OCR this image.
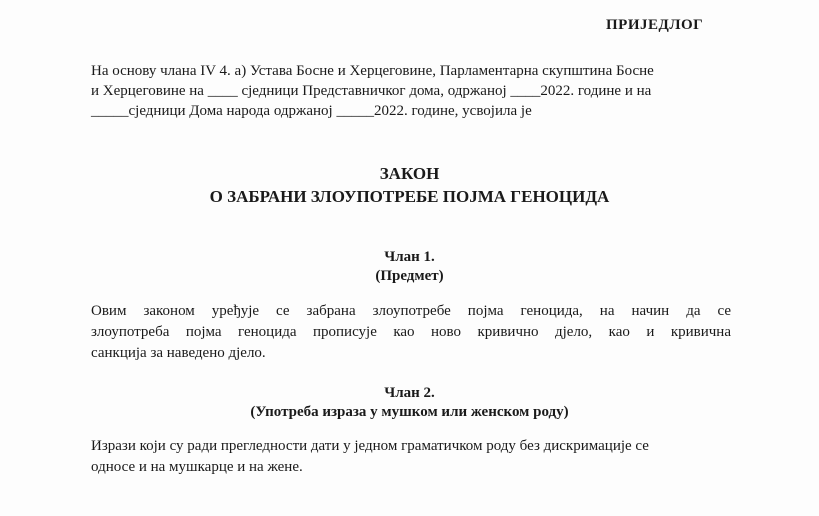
ПРИЈЕДЛОГ
На основу члана IV 4. а) Устава Босне и Херцеговине, Парламентарна скупштина Босне
и Херцеговине на ____ сједници Представничког дома, одржаној ____2022. године и на
_____сједници Дома народа одржаној _____2022. године, усвојила је
ЗАКОН
О ЗАБРАНИ ЗЛОУПОТРЕБЕ ПОЈМА ГЕНОЦИДА
Члан 1.
(Предмет)
Овим законом уређује се забрана злоупотребе појма геноцида, на начин да се
злоупотреба појма геноцида прописује као ново кривично дјело, као и кривична
санкција за наведено дјело.
Члан 2.
(Употреба израза у мушком или женском роду)
Изрази који су ради прегледности дати у једном граматичком роду без дискримације се
односе и на мушкарце и на жене.
